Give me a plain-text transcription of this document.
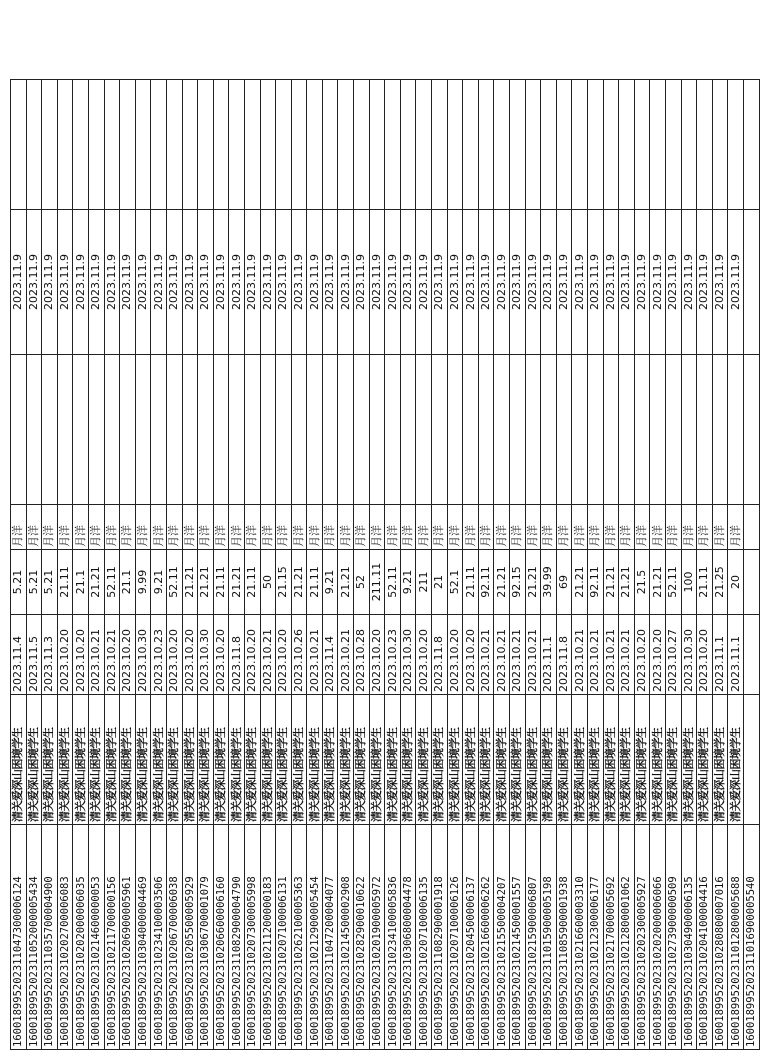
160018995202311047300006124	清关爱深山困境学生	2023.11.4	5.21	月洋		2023.11.9	
160018995202311052000005434	清关爱深山困境学生	2023.11.5	5.21	月洋		2023.11.9	
160018995202311035700004900	清关爱深山困境学生	2023.11.3	5.21	月洋		2023.11.9	
160018995202310202700006083	清关爱深山困境学生	2023.10.20	21.11	月洋		2023.11.9	
160018995202310202000006035	清关爱深山困境学生	2023.10.20	21.1	月洋		2023.11.9	
160018995202310214600000053	清关爱深山困境学生	2023.10.21	21.21	月洋		2023.11.9	
160018995202310211700000156	清关爱深山困境学生	2023.10.21	52.11	月洋		2023.11.9	
160018995202310206900005961	清关爱深山困境学生	2023.10.20	21.1	月洋		2023.11.9	
160018995202310304000004469	清关爱深山困境学生	2023.10.30	9.99	月洋		2023.11.9	
160018995202310234100003506	清关爱深山困境学生	2023.10.23	9.21	月洋		2023.11.9	
160018995202310206700006038	清关爱深山困境学生	2023.10.20	52.11	月洋		2023.11.9	
160018995202310205500005929	清关爱深山困境学生	2023.10.20	21.21	月洋		2023.11.9	
160018995202310306700001079	清关爱深山困境学生	2023.10.30	21.21	月洋		2023.11.9	
160018995202310206600006160	清关爱深山困境学生	2023.10.20	21.11	月洋		2023.11.9	
160018995202311082900004790	清关爱深山困境学生	2023.11.8	21.21	月洋		2023.11.9	
160018995202310207300005998	清关爱深山困境学生	2023.10.20	21.11	月洋		2023.11.9	
160018995202310211200000183	清关爱深山困境学生	2023.10.21	50	月洋		2023.11.9	
160018995202310207100006131	清关爱深山困境学生	2023.10.20	21.15	月洋		2023.11.9	
160018995202310262100005363	清关爱深山困境学生	2023.10.26	21.21	月洋		2023.11.9	
160018995202310212900005454	清关爱深山困境学生	2023.10.21	21.11	月洋		2023.11.9	
160018995202311047200004077	清关爱深山困境学生	2023.11.4	9.21	月洋		2023.11.9	
160018995202310214500002908	清关爱深山困境学生	2023.10.21	21.21	月洋		2023.11.9	
160018995202310282900010622	清关爱深山困境学生	2023.10.28	52	月洋		2023.11.9	
160018995202310201900005972	清关爱深山困境学生	2023.10.20	211.11	月洋		2023.11.9	
160018995202310234100005836	清关爱深山困境学生	2023.10.23	52.11	月洋		2023.11.9	
160018995202310306800004478	清关爱深山困境学生	2023.10.30	9.21	月洋		2023.11.9	
160018995202310207100006135	清关爱深山困境学生	2023.10.20	211	月洋		2023.11.9	
160018995202311082900001918	清关爱深山困境学生	2023.11.8	21	月洋		2023.11.9	
160018995202310207100006126	清关爱深山困境学生	2023.10.20	52.1	月洋		2023.11.9	
160018995202310204500006137	清关爱深山困境学生	2023.10.20	21.11	月洋		2023.11.9	
160018995202310216600006262	清关爱深山困境学生	2023.10.21	92.11	月洋		2023.11.9	
160018995202310215500004207	清关爱深山困境学生	2023.10.21	21.21	月洋		2023.11.9	
160018995202310214500001557	清关爱深山困境学生	2023.10.21	92.15	月洋		2023.11.9	
160018995202310215900006807	清关爱深山困境学生	2023.10.21	21.21	月洋		2023.11.9	
160018995202311015900005198	清关爱深山困境学生	2023.11.1	39.99	月洋		2023.11.9	
160018995202311085900001938	清关爱深山困境学生	2023.11.8	69	月洋		2023.11.9	
160018995202310216600003310	清关爱深山困境学生	2023.10.21	21.21	月洋		2023.11.9	
160018995202310212300006177	清关爱深山困境学生	2023.10.21	92.11	月洋		2023.11.9	
160018995202310217000005692	清关爱深山困境学生	2023.10.21	21.21	月洋		2023.11.9	
160018995202310212800001062	清关爱深山困境学生	2023.10.21	21.21	月洋		2023.11.9	
160018995202310202300005927	清关爱深山困境学生	2023.10.20	21.5	月洋		2023.11.9	
160018995202310202000006066	清关爱深山困境学生	2023.10.20	21.21	月洋		2023.11.9	
160018995202310273900000509	清关爱深山困境学生	2023.10.27	52.11	月洋		2023.11.9	
160018995202310304900006135	清关爱深山困境学生	2023.10.30	100	月洋		2023.11.9	
160018995202310204100004416	清关爱深山困境学生	2023.10.20	21.11	月洋		2023.11.9	
160018995202310280800007016	清关爱深山困境学生	2023.11.1	21.25	月洋		2023.11.9	
160018995202311012800005688	清关爱深山困境学生	2023.11.1	20	月洋		2023.11.9	
160018995202311016900005540							
